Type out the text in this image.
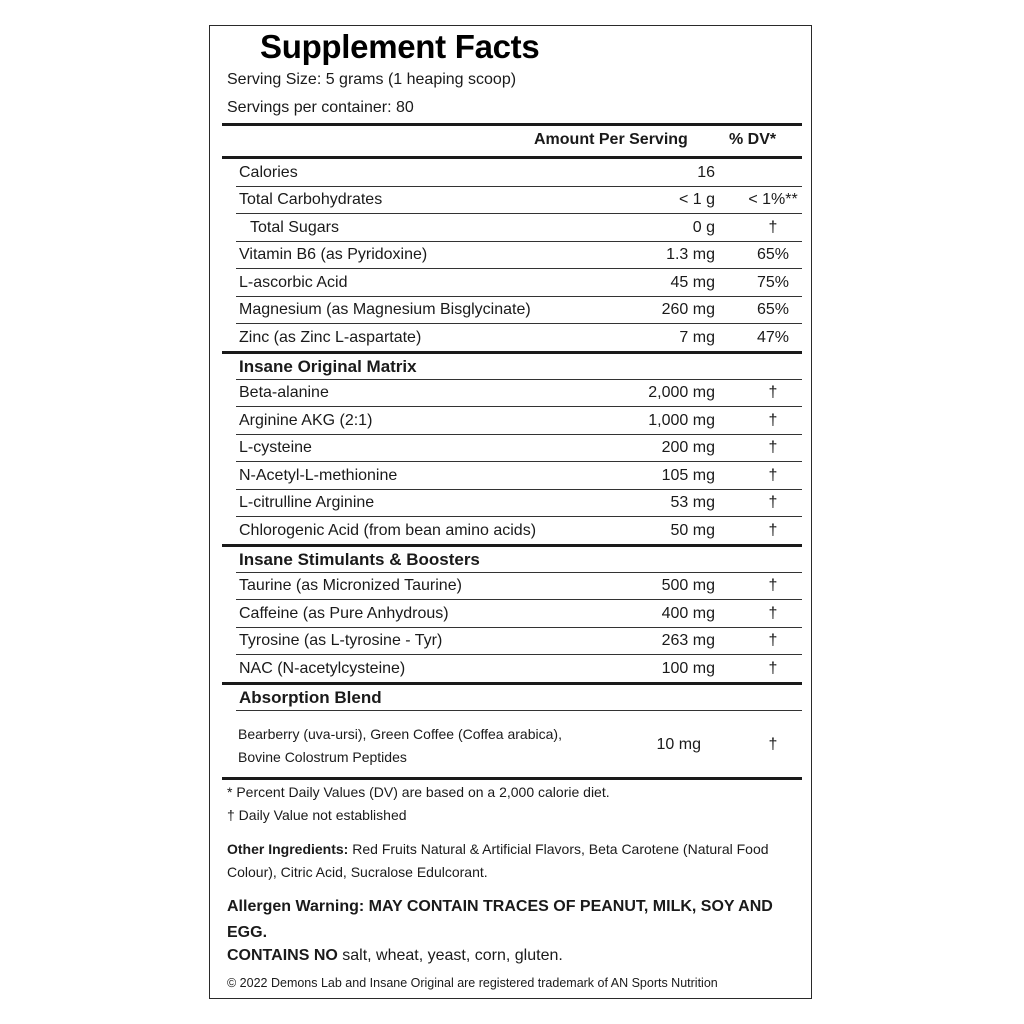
Supplement Facts
Serving Size: 5 grams (1 heaping scoop)
Servings per container: 80
Amount Per Serving	% DV*
Calories	16
Total Carbohydrates	< 1 g < 1%**
Total Sugars	0 g	†
Vitamin B6 (as Pyridoxine)	1.3 mg	65%
L-ascorbic Acid	45 mg	75%
Magnesium (as Magnesium Bisglycinate)	260 mg	65%
Zinc (as Zinc L-aspartate)	7 mg	47%
Insane Original Matrix
Beta-alanine	2,000 mg	†
Arginine AKG (2:1)	1,000 mg	†
L-cysteine	200 mg	†
N-Acetyl-L-methionine	105 mg	†
L-citrulline Arginine	53 mg	†
Chlorogenic Acid (from bean amino acids)	50 mg	†
Insane Stimulants & Boosters
Taurine (as Micronized Taurine)	500 mg	†
Caffeine (as Pure Anhydrous)	400 mg	†
Tyrosine (as L-tyrosine - Tyr)	263 mg	†
NAC (N-acetylcysteine)	100 mg	†
Absorption Blend
Bearberry (uva-ursi), Green Coffee (Coffea arabica),
Bovine Colostrum Peptides
10 mg	†
* Percent Daily Values (DV) are based on a 2,000 calorie diet.
† Daily Value not established
Other Ingredients: Red Fruits Natural & Artificial Flavors, Beta Carotene (Natural Food Colour), Citric Acid, Sucralose Edulcorant.
Allergen Warning: MAY CONTAIN TRACES OF PEANUT, MILK, SOY AND EGG.
CONTAINS NO salt, wheat, yeast, corn, gluten.
© 2022 Demons Lab and Insane Original are registered trademark of AN Sports Nutrition
